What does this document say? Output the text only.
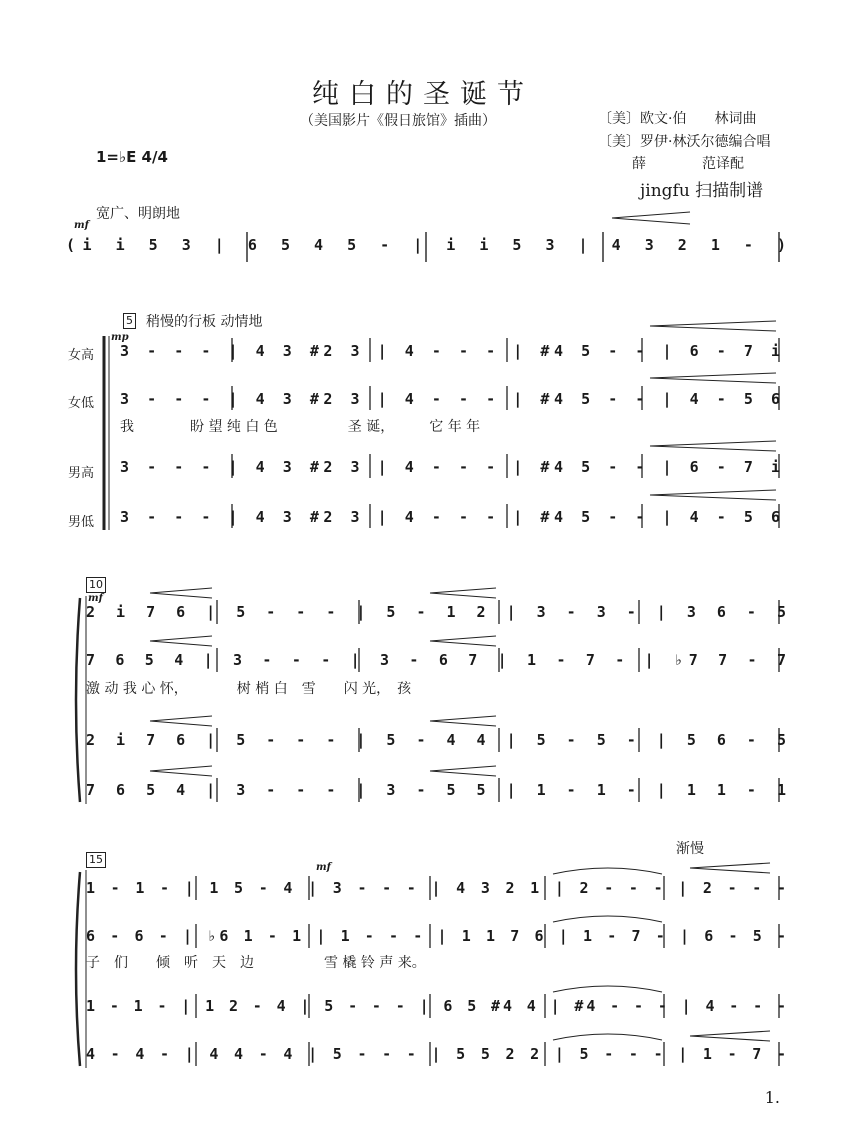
纯白的圣诞节
（美国影片《假日旅馆》插曲）	〔美〕欧文·伯　　林词曲
〔美〕罗伊·林沃尔德编合唱
薛　　　　范译配
jingfu 扫描制谱
1=♭E 4/4
宽广、明朗地
mf
(i i 5 3 | 6 5 4 5 - | i i 5 3 | 4 3 2 1 - )
5 稍慢的行板 动情地
女高
mp
3 - - - | 4 3 #2 3 | 4 - - - | #4 5 - - | 6 - 7 i
女低 3 - - - | 4 3 #2 3 | 4 - - - | #4 5 - - | 4 - 5 6
我　　　　盼 望 纯 白 色　　　　　圣 诞，　　　它 年 年
男高 3 - - - | 4 3 #2 3 | 4 - - - | #4 5 - - | 6 - 7 i
男低 3 - - - | 4 3 #2 3 | 4 - - - | #4 5 - - | 4 - 5 6
10
mf
2 i 7 6 | 5 - - - | 5 - 1 2 | 3 - 3 - | 3 6 - 5
7 6 5 4 | 3 - - - | 3 - 6 7 | 1 - 7 - | ♭7 7 - 7
激 动 我 心 怀，　　　　树 梢 白　雪　　闪 光，　孩
2 i 7 6 | 5 - - - | 5 - 4 4 | 5 - 5 - | 5 6 - 5
7 6 5 4 | 3 - - - | 3 - 5 5 | 1 - 1 - | 1 1 - 1
15
渐慢
mf
1 - 1 - | 1 5 - 4 | 3 - - - | 4 3 2 1 | 2 - - - | 2 - - -
6 - 6 - | ♭6 1 - 1 | 1 - - - | 1 1 7 6 | 1 - 7 - | 6 - 5 -
子　们　　倾　听　天　边　　　　　雪 橇 铃 声 来。
1 - 1 - | 1 2 - 4 | 5 - - - | 6 5 #4 4 | #4 - - - | 4 - - -
4 - 4 - | 4 4 - 4 | 5 - - - | 5 5 2 2 | 5 - - - | 1 - 7 -
1.
